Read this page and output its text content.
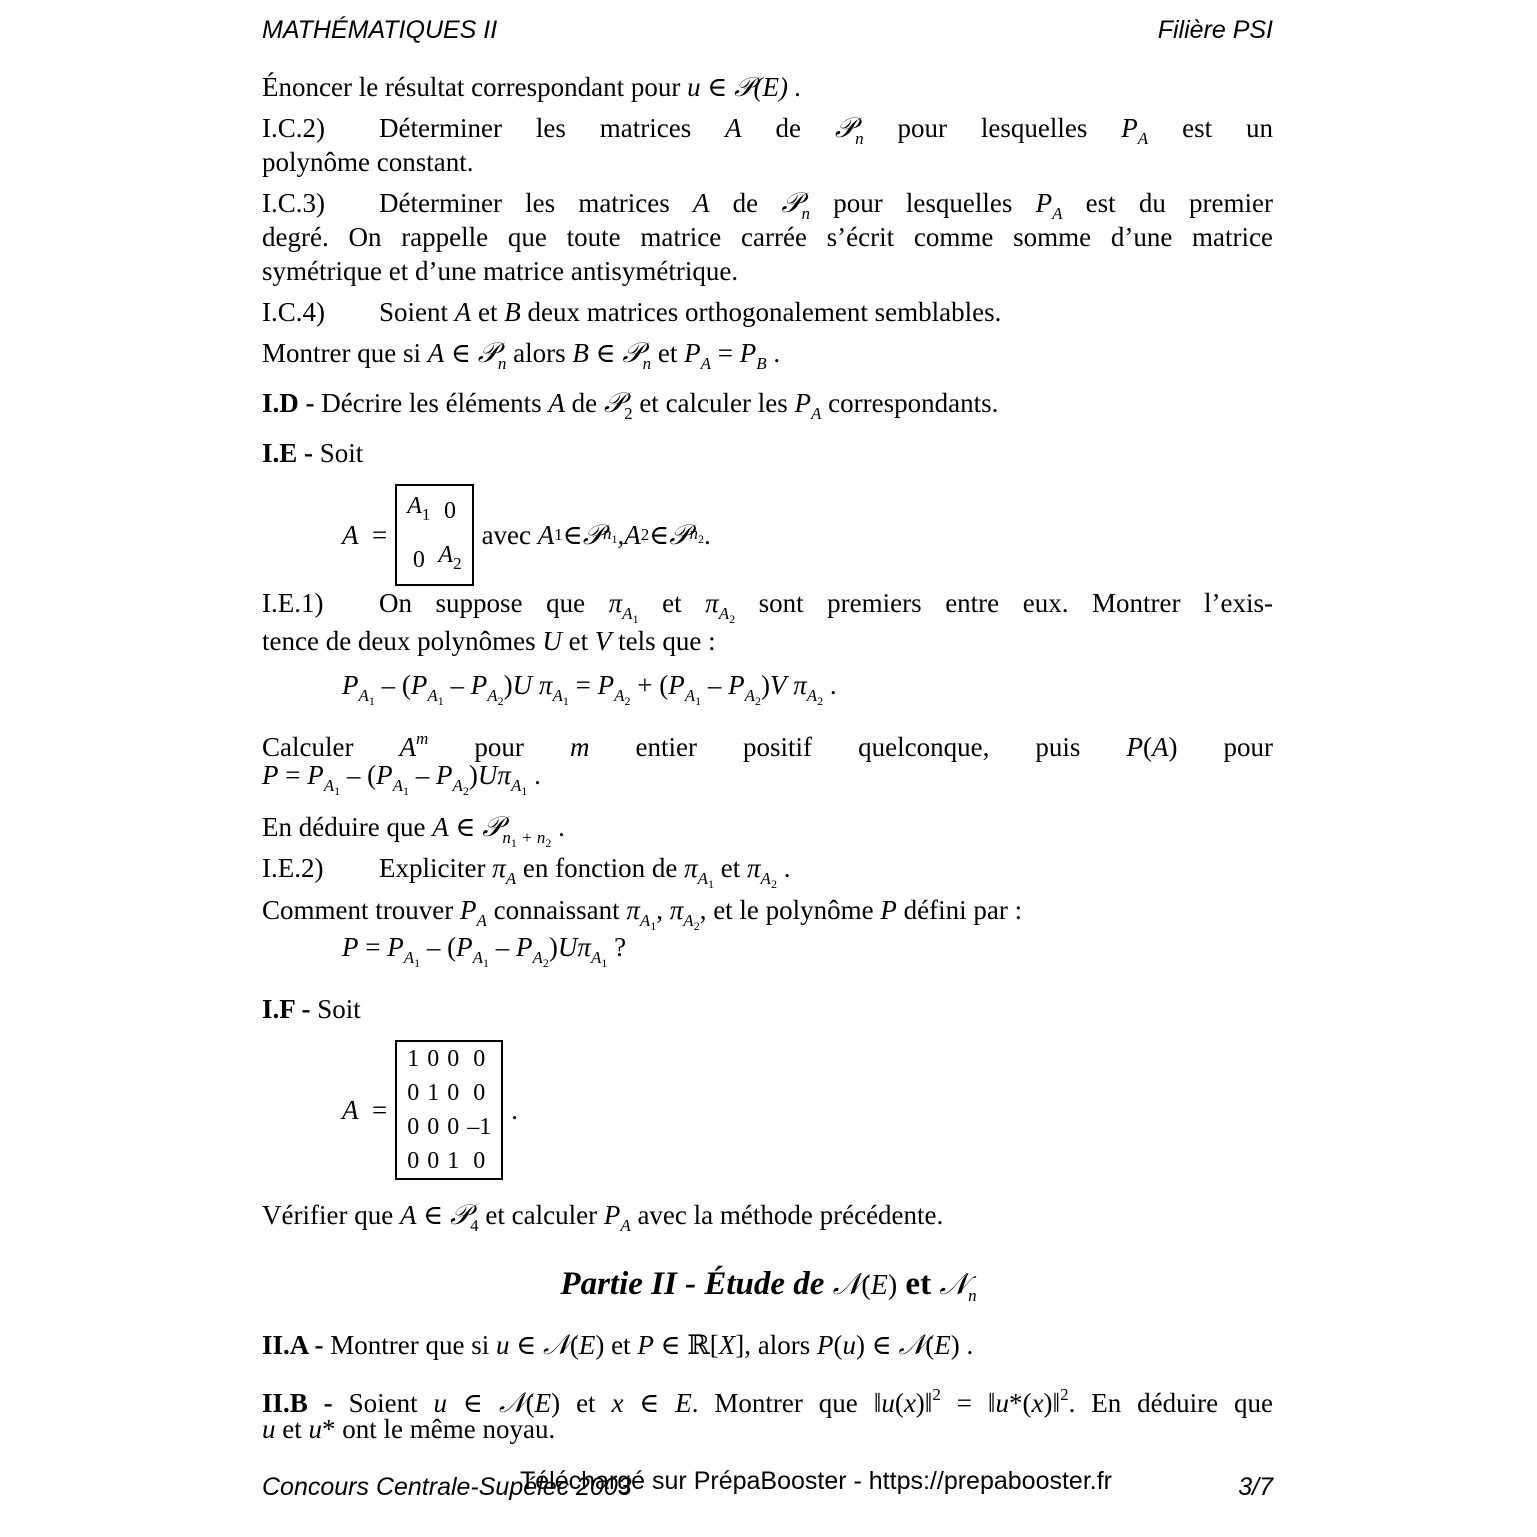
MATHÉMATIQUES II	Filière PSI
Énoncer le résultat correspondant pour u ∈ 𝒫(E) .
I.C.2) Déterminer les matrices A de 𝒫$_n$ pour lesquelles $P_A$ est un
polynôme constant.
I.C.3) Déterminer les matrices A de 𝒫$_n$ pour lesquelles $P_A$ est du premier
degré. On rappelle que toute matrice carrée s’écrit comme somme d’une matrice
symétrique et d’une matrice antisymétrique.
I.C.4) Soient A et B deux matrices orthogonalement semblables.
Montrer que si A ∈ 𝒫$_n$ alors B ∈ 𝒫$_n$ et $P_A = P_B$ .
I.D - Décrire les éléments A de 𝒫$_2$ et calculer les $P_A$ correspondants.
I.E - Soit
A =
$A_1$	0
0	$A_2$
avec
A 1 ∈ 𝒫 $n_1$ , A 2 ∈ 𝒫 $n_2$ .
I.E.1) On suppose que $\pi_{A_1}$ et $\pi_{A_2}$ sont premiers entre eux. Montrer l’exis-
tence de deux polynômes U et V tels que :
$P_{A_1} - (P_{A_1} - P_{A_2})U$ $\pi_{A_1} = P_{A_2} + (P_{A_1} - P_{A_2})V$ $\pi_{A_2}$ .
Calculer $A^m$ pour m entier positif quelconque, puis P(A) pour
$P = P_{A_1} - (P_{A_1} - P_{A_2})U\pi_{A_1}$ .
En déduire que A ∈ 𝒫$_{n_1 + n_2}$ .
I.E.2) Expliciter $\pi_A$ en fonction de $\pi_{A_1}$ et $\pi_{A_2}$ .
Comment trouver $P_A$ connaissant $\pi_{A_1}$, $\pi_{A_2}$, et le polynôme P défini par :
$P = P_{A_1} - (P_{A_1} - P_{A_2})U\pi_{A_1}$ ?
I.F - Soit
A =
1	0	0	0
0	1	0	0
0	0	0	–1
0	0	1	0
.
Vérifier que A ∈ 𝒫$_4$ et calculer $P_A$ avec la méthode précédente.
Partie II - Étude de 𝒩(E) et 𝒩$_n$
II.A - Montrer que si u ∈ 𝒩(E) et P ∈ ℝ[X], alors P(u) ∈ 𝒩(E) .
II.B - Soient u ∈ 𝒩(E) et x ∈ E. Montrer que ‖u(x)‖$^2$ = ‖u*(x)‖$^2$. En déduire que
u et u* ont le même noyau.
Concours Centrale-Supélec 2003
Téléchargé sur PrépaBooster - https://prepabooster.fr	3/7
